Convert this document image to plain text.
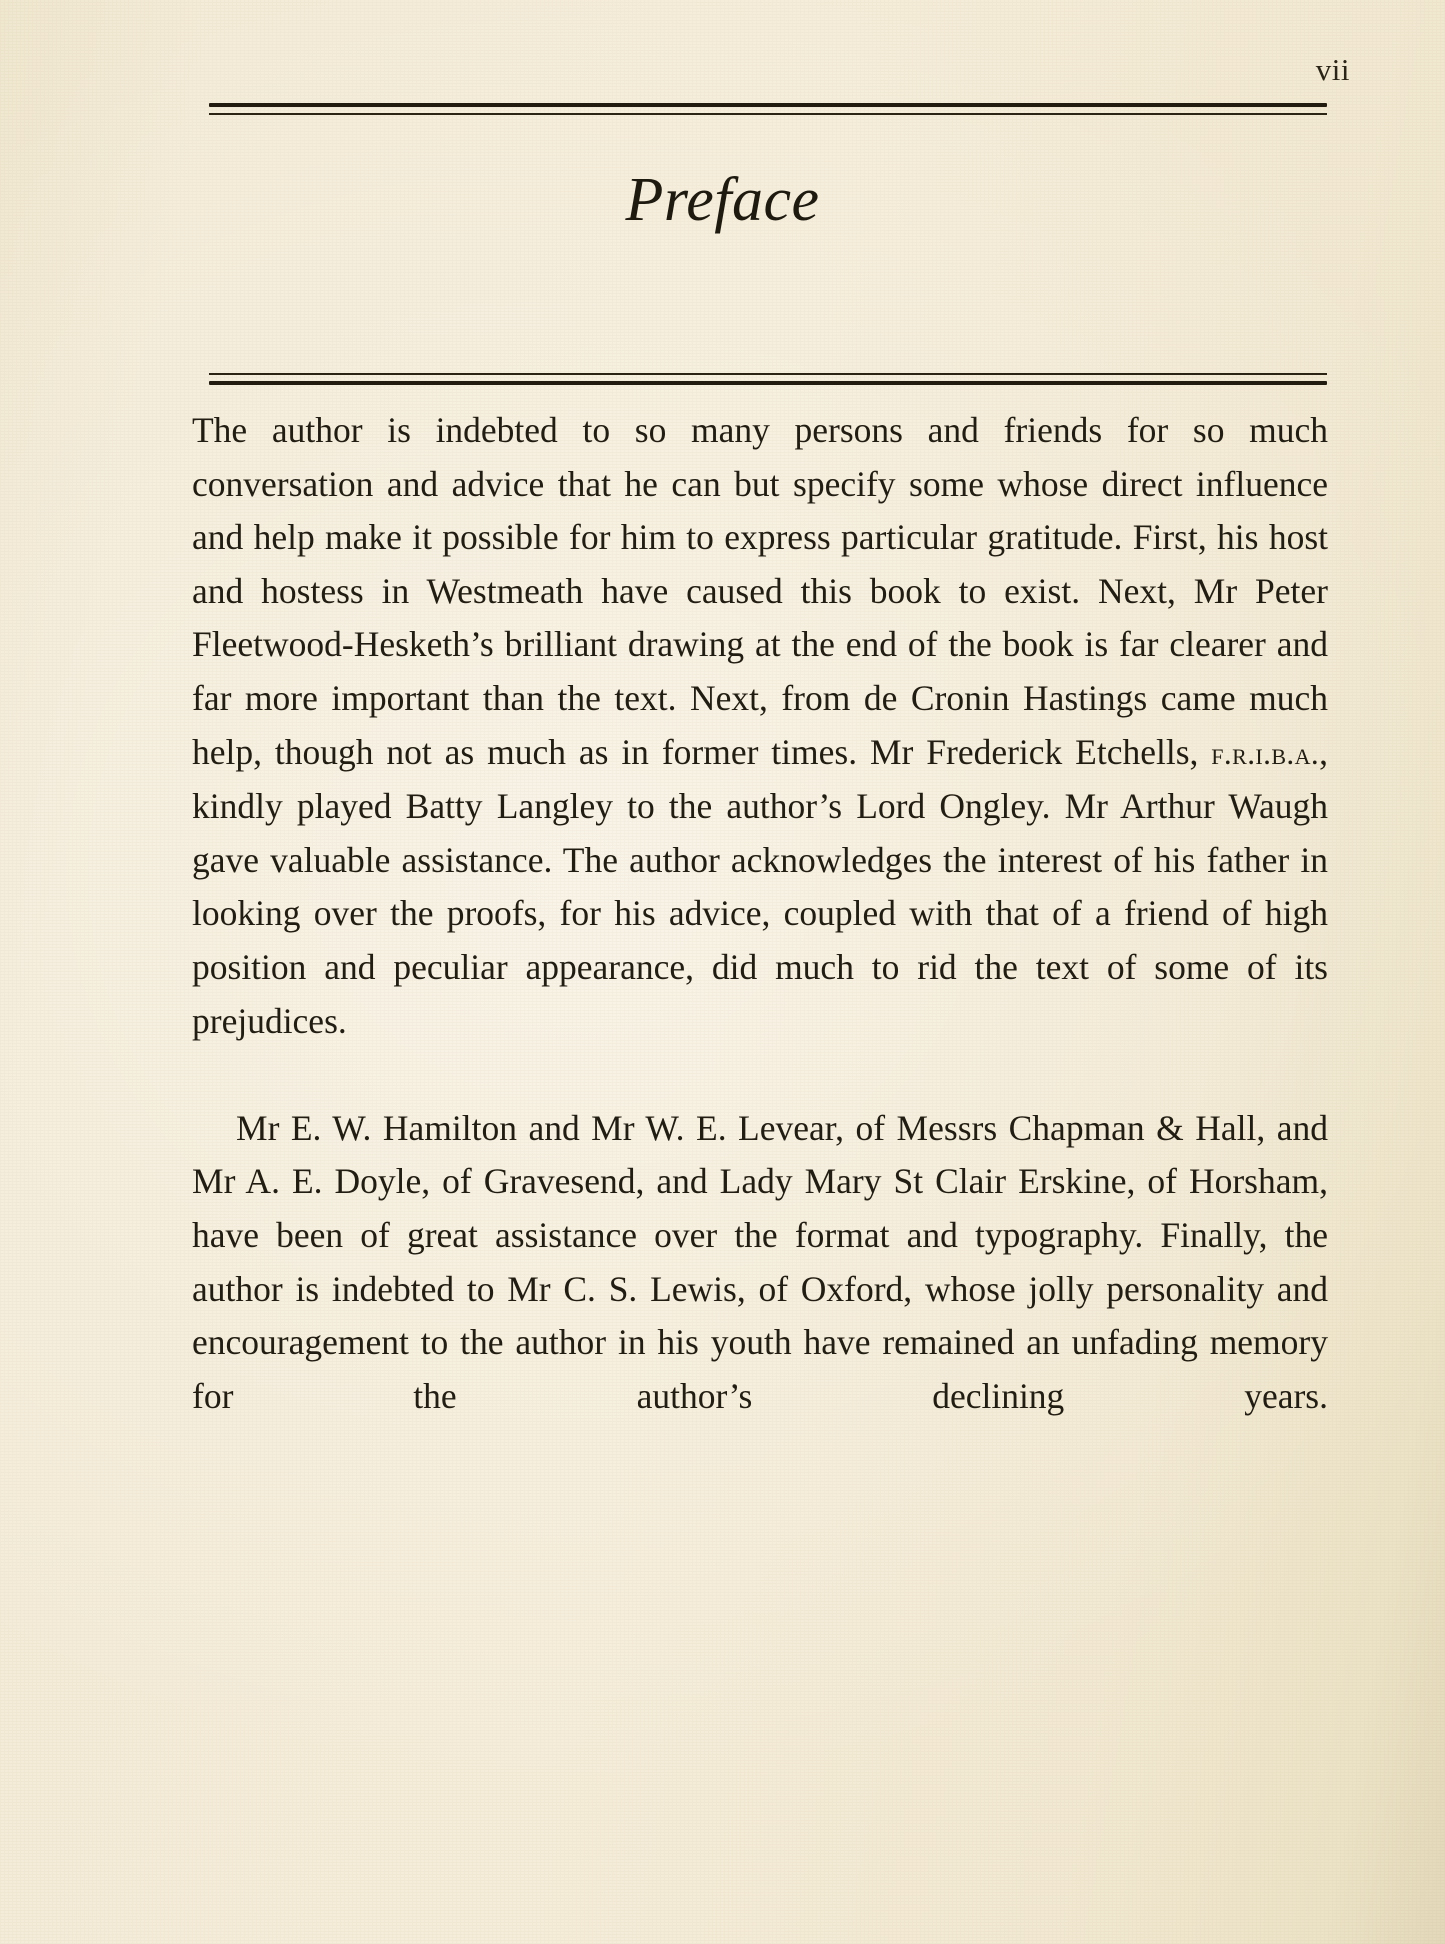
vii
Preface

The author is indebted to so many persons and friends for so much conversation and advice that he can but specify some whose direct influence and help make it possible for him to express particular gratitude. First, his host and hostess in Westmeath have caused this book to exist. Next, Mr Peter Fleetwood-Hesketh’s brilliant drawing at the end of the book is far clearer and far more important than the text. Next, from de Cronin Hastings came much help, though not as much as in former times. Mr Frederick Etchells, f.r.i.b.a., kindly played Batty Langley to the author’s Lord Ongley. Mr Arthur Waugh gave valuable assistance. The author acknowledges the interest of his father in looking over the proofs, for his advice, coupled with that of a friend of high position and peculiar appearance, did much to rid the text of some of its prejudices.

Mr E. W. Hamilton and Mr W. E. Levear, of Messrs Chapman & Hall, and Mr A. E. Doyle, of Gravesend, and Lady Mary St Clair Erskine, of Horsham, have been of great assistance over the format and typography. Finally, the author is indebted to Mr C. S. Lewis, of Oxford, whose jolly personality and encouragement to the author in his youth have remained an unfading memory for the author’s declining years.
